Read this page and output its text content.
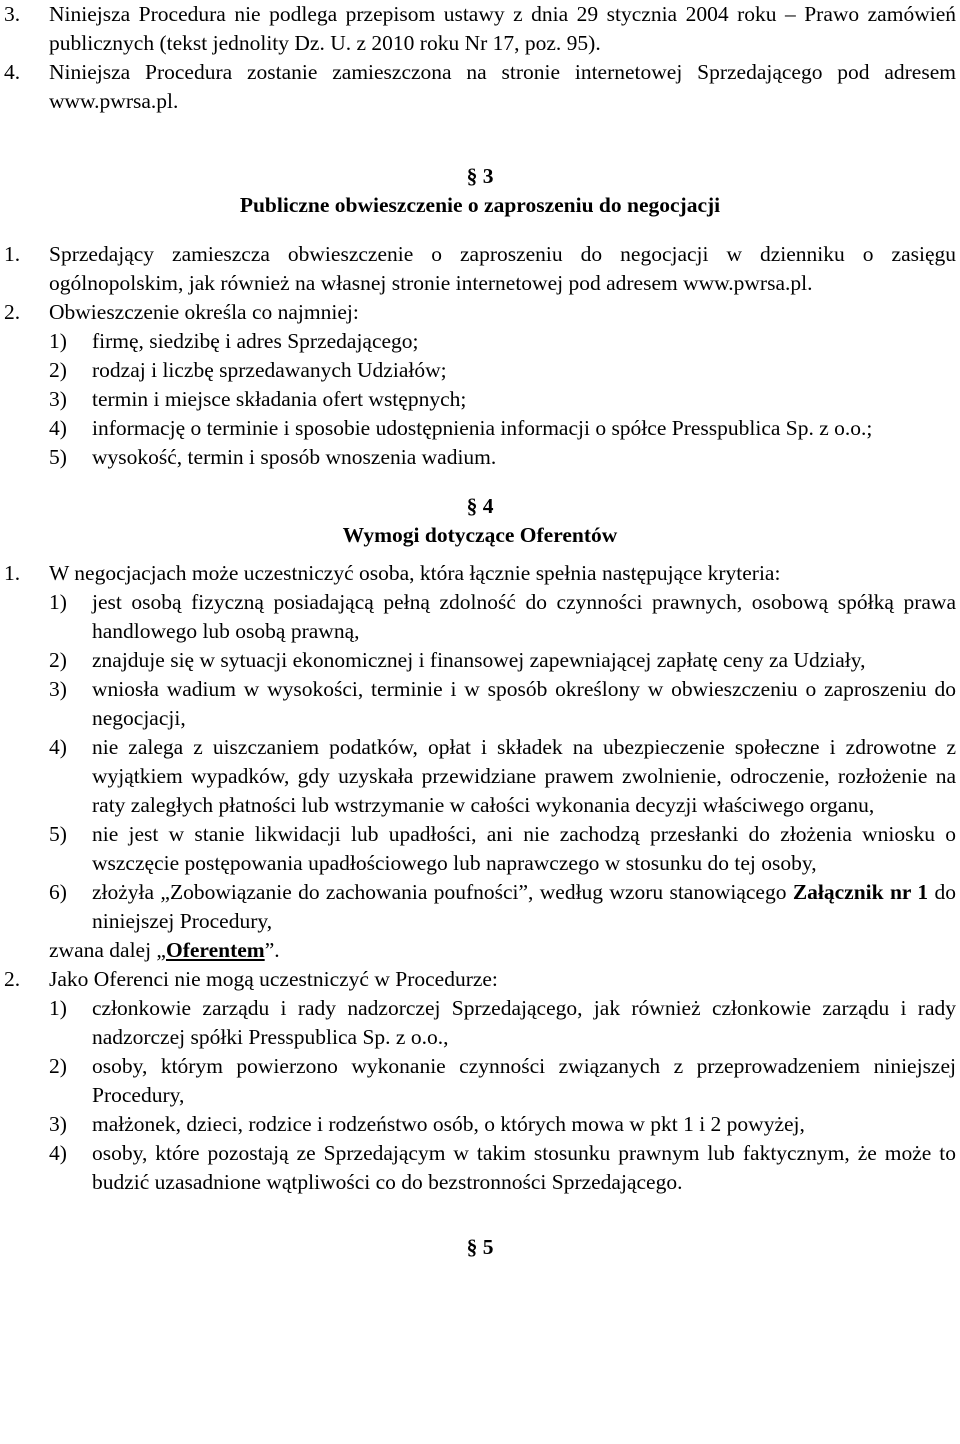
3. Niniejsza Procedura nie podlega przepisom ustawy z dnia 29 stycznia 2004 roku – Prawo zamówień publicznych (tekst jednolity Dz. U. z 2010 roku Nr 17, poz. 95).
4. Niniejsza Procedura zostanie zamieszczona na stronie internetowej Sprzedającego pod adresem www.pwrsa.pl.
§ 3
Publiczne obwieszczenie o zaproszeniu do negocjacji
1. Sprzedający zamieszcza obwieszczenie o zaproszeniu do negocjacji w dzienniku o zasięgu ogólnopolskim, jak również na własnej stronie internetowej pod adresem www.pwrsa.pl.
2. Obwieszczenie określa co najmniej:
1) firmę, siedzibę i adres Sprzedającego;
2) rodzaj i liczbę sprzedawanych Udziałów;
3) termin i miejsce składania ofert wstępnych;
4) informację o terminie i sposobie udostępnienia informacji o spółce Presspublica Sp. z o.o.;
5) wysokość, termin i sposób wnoszenia wadium.
§ 4
Wymogi dotyczące Oferentów
1. W negocjacjach może uczestniczyć osoba, która łącznie spełnia następujące kryteria:
1) jest osobą fizyczną posiadającą pełną zdolność do czynności prawnych, osobową spółką prawa handlowego lub osobą prawną,
2) znajduje się w sytuacji ekonomicznej i finansowej zapewniającej zapłatę ceny za Udziały,
3) wniosła wadium w wysokości, terminie i w sposób określony w obwieszczeniu o zaproszeniu do negocjacji,
4) nie zalega z uiszczaniem podatków, opłat i składek na ubezpieczenie społeczne i zdrowotne z wyjątkiem wypadków, gdy uzyskała przewidziane prawem zwolnienie, odroczenie, rozłożenie na raty zaległych płatności lub wstrzymanie w całości wykonania decyzji właściwego organu,
5) nie jest w stanie likwidacji lub upadłości, ani nie zachodzą przesłanki do złożenia wniosku o wszczęcie postępowania upadłościowego lub naprawczego w stosunku do tej osoby,
6) złożyła „Zobowiązanie do zachowania poufności”, według wzoru stanowiącego Załącznik nr 1 do niniejszej Procedury,
zwana dalej „Oferentem”.
2. Jako Oferenci nie mogą uczestniczyć w Procedurze:
1) członkowie zarządu i rady nadzorczej Sprzedającego, jak również członkowie zarządu i rady nadzorczej spółki Presspublica Sp. z o.o.,
2) osoby, którym powierzono wykonanie czynności związanych z przeprowadzeniem niniejszej Procedury,
3) małżonek, dzieci, rodzice i rodzeństwo osób, o których mowa w pkt 1 i 2 powyżej,
4) osoby, które pozostają ze Sprzedającym w takim stosunku prawnym lub faktycznym, że może to budzić uzasadnione wątpliwości co do bezstronności Sprzedającego.
§ 5
